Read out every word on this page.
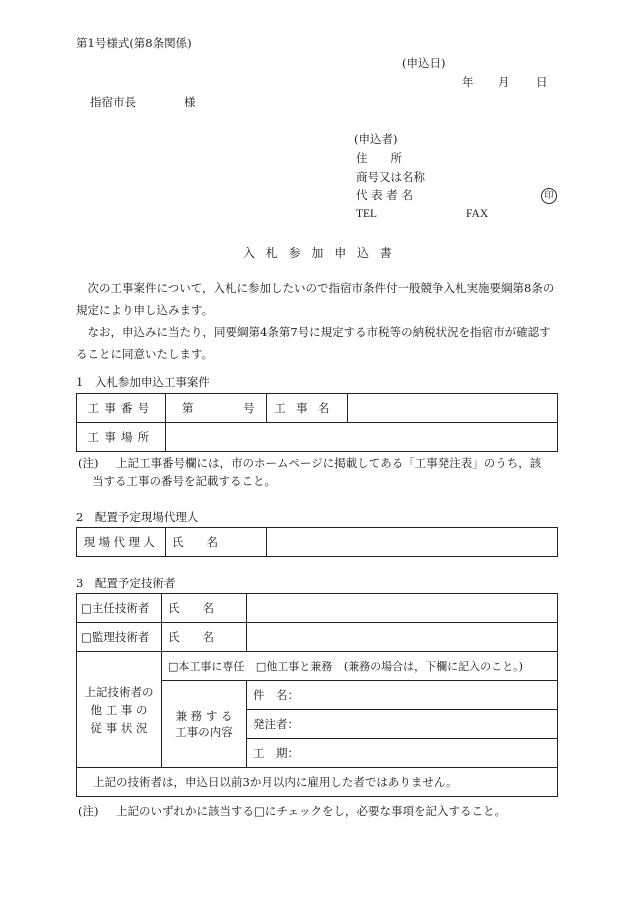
第1号様式(第8条関係)
(申込日)
年 月 日
指宿市長	様
(申込者)
住　　所
商号又は名称
代 表 者 名	印
TEL	FAX
入札参加申込書

次の工事案件について，入札に参加したいので指宿市条件付一般競争入札実施要綱第8条の規定により申し込みます。

なお，申込みに当たり，同要綱第4条第7号に規定する市税等の納税状況を指宿市が確認することに同意いたします。

1　入札参加申込工事案件
工事番号	第 号	工事名	
工事場所			
(注) 上記工事番号欄には，市のホームページに掲載してある「工事発注表」のうち，該
当する工事の番号を記載すること。
2　配置予定現場代理人
現場代理人	氏　　名	
3　配置予定技術者
□主任技術者	氏　　名	
□監理技術者	氏　　名	

上記技術者の
他 工 事 の
従 事 状 況	□本工事に専任 □他工事と兼務 (兼務の場合は，下欄に記入のこと。)	

	兼 務 す る
工事の内容	件　名：
		発注者：
		工　期：
上記の技術者は，申込日以前3か月以内に雇用した者ではありません。		
(注) 上記のいずれかに該当する□にチェックをし，必要な事項を記入すること。
